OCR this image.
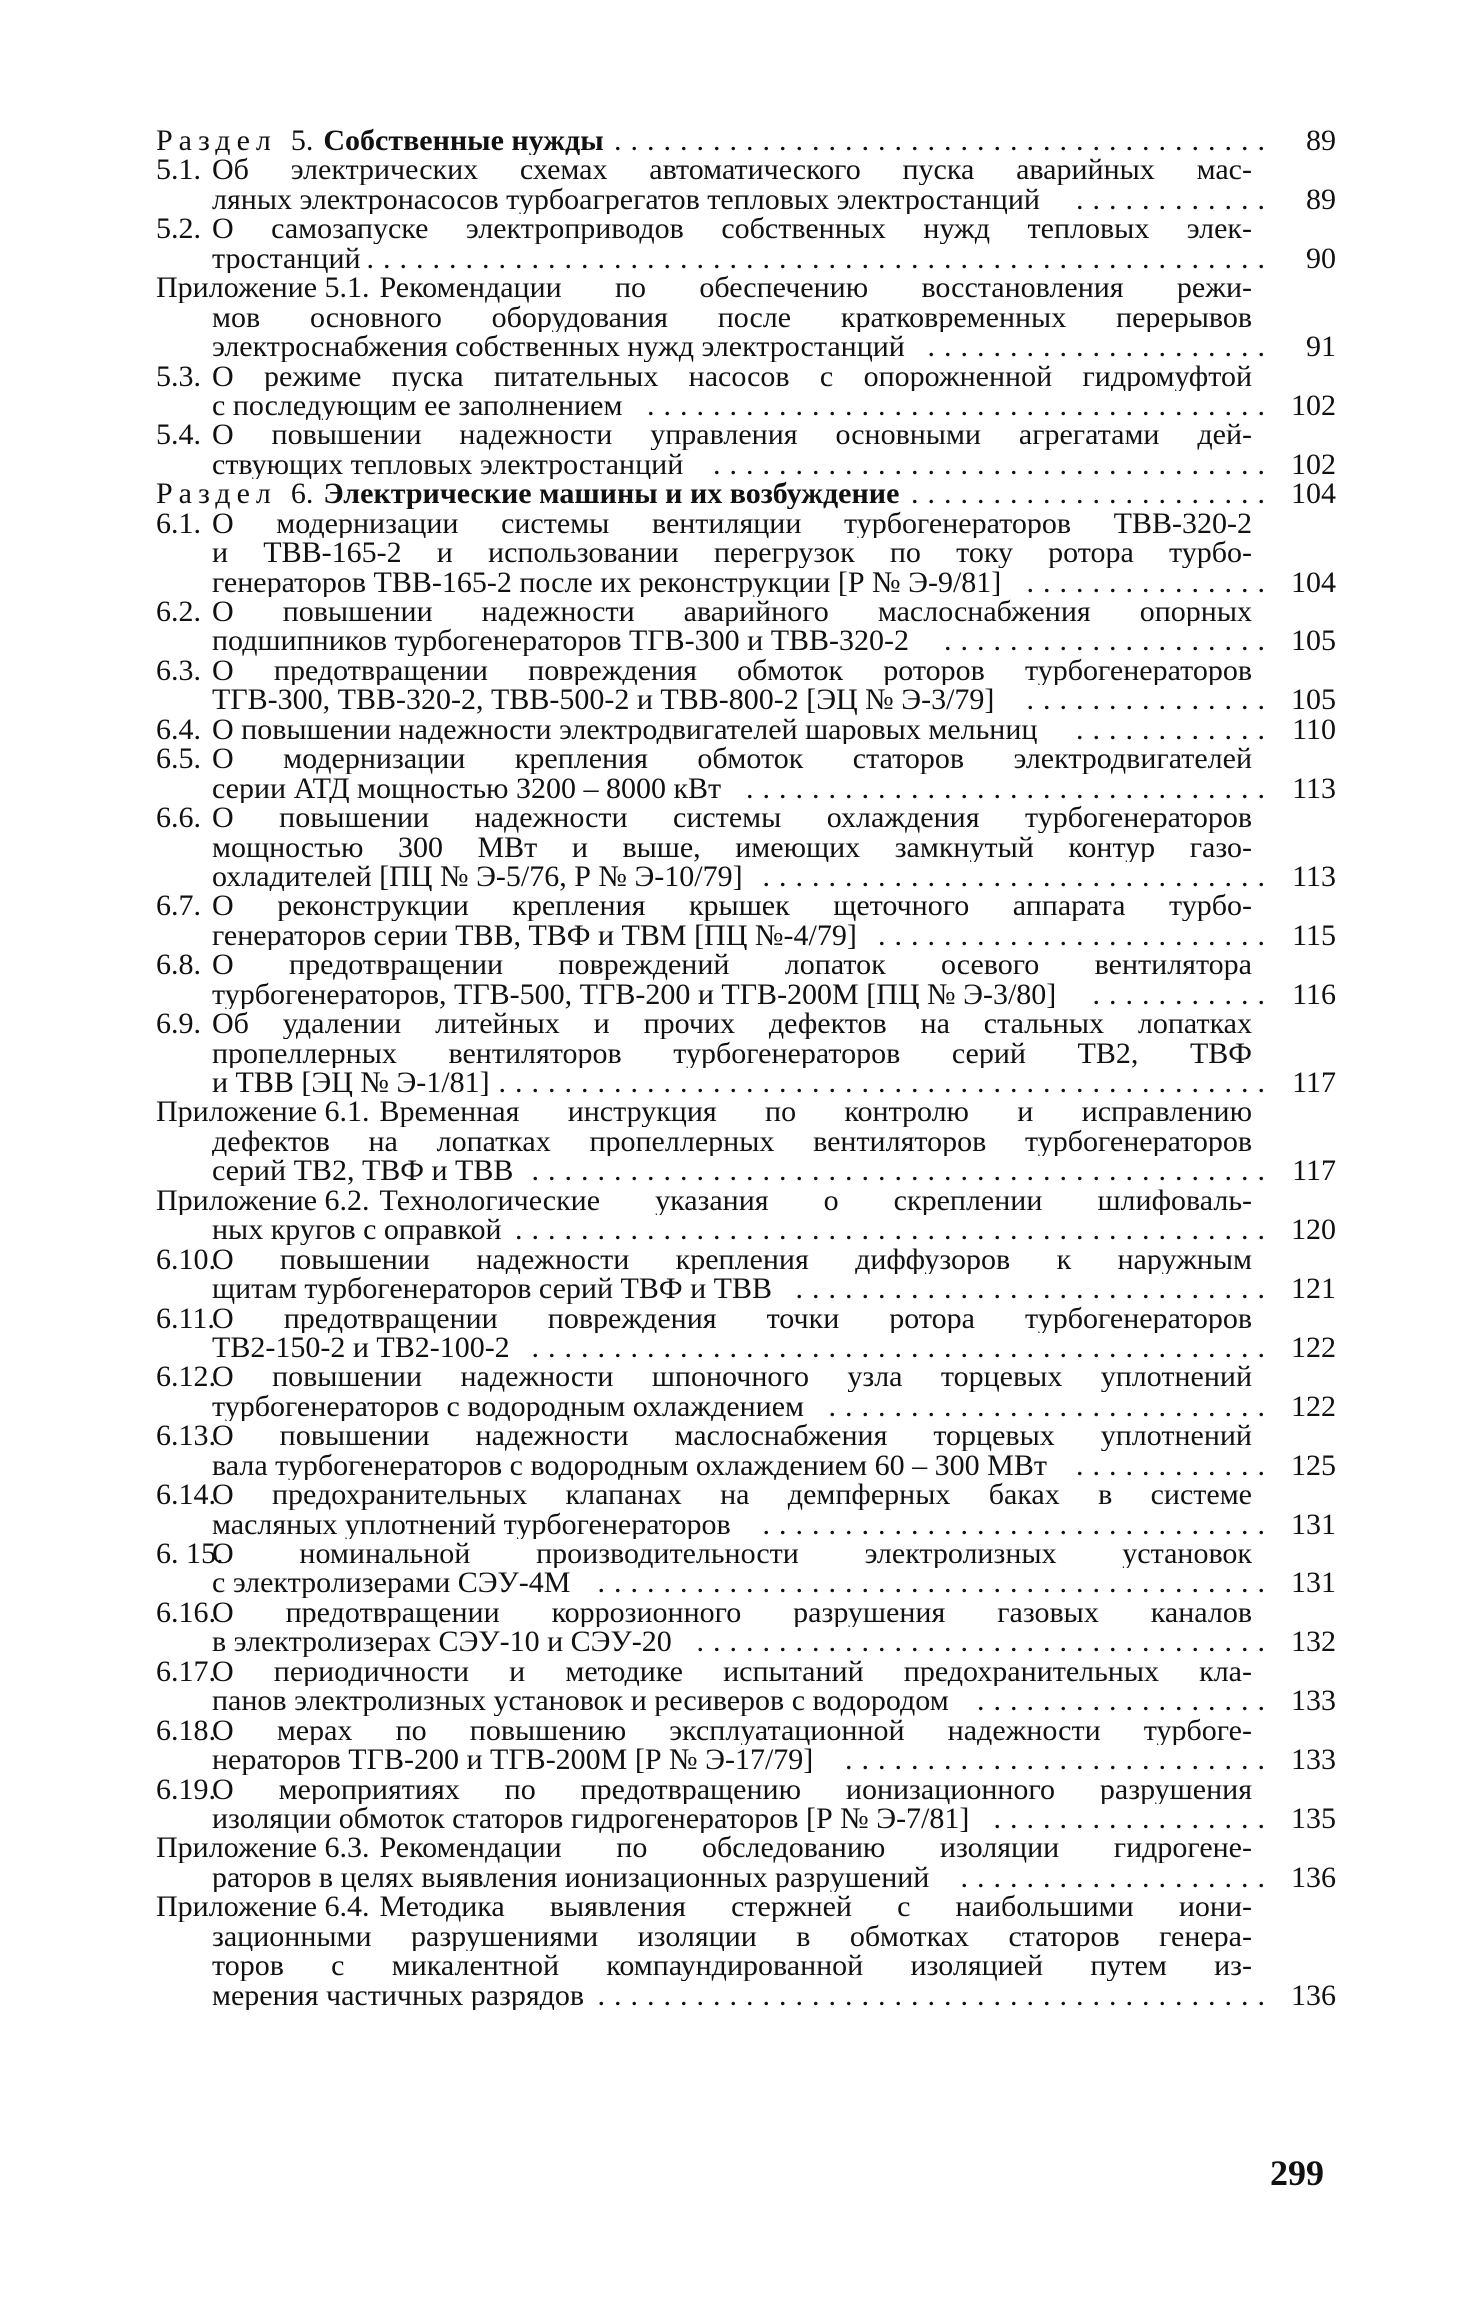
Раздел 5. Собственные нужды ........................................	89
5.1. Об электрических схемах автоматического пуска аварийных мас-
ляных электронасосов турбоагрегатов тепловых электростанций ............	89
5.2. О самозапуске электроприводов собственных нужд тепловых элек-
тростанций .......................................................	90
Приложение 5.1. Рекомендации по обеспечению восстановления режи-
мов основного оборудования после кратковременных перерывов
электроснабжения собственных нужд электростанций .....................	91
5.3. О режиме пуска питательных насосов с опорожненной гидромуфтой
с последующим ее заполнением ...................................... 102
5.4. О повышении надежности управления основными агрегатами дей-
ствующих тепловых электростанций .................................. 102
Раздел 6. Электрические машины и их возбуждение ...................... 104
6.1. О модернизации системы вентиляции турбогенераторов ТВВ-320-2
и ТВВ-165-2 и использовании перегрузок по току ротора турбо-
генераторов ТВВ-165-2 после их реконструкции [Р № Э-9/81] ............... 104
6.2. О повышении надежности аварийного маслоснабжения опорных
подшипников турбогенераторов ТГВ-300 и ТВВ-320-2 .................... 105
6.3. О предотвращении повреждения обмоток роторов турбогенераторов
ТГВ-300, ТВВ-320-2, ТВВ-500-2 и ТВВ-800-2 [ЭЦ № Э-3/79] ............... 105
6.4. О повышении надежности электродвигателей шаровых мельниц ............ 110
6.5. О модернизации крепления обмоток статоров электродвигателей
серии АТД мощностью 3200 – 8000 кВт ................................ 113
6.6. О повышении надежности системы охлаждения турбогенераторов
мощностью 300 МВт и выше, имеющих замкнутый контур газо-
охладителей [ПЦ № Э-5/76, Р № Э-10/79] ............................... 113
6.7. О реконструкции крепления крышек щеточного аппарата турбо-
генераторов серии ТВВ, ТВФ и ТВМ [ПЦ №-4/79] ........................ 115
6.8. О предотвращении повреждений лопаток осевого вентилятора
турбогенераторов, ТГВ-500, ТГВ-200 и ТГВ-200М [ПЦ № Э-3/80] ........... 116
6.9. Об удалении литейных и прочих дефектов на стальных лопатках
пропеллерных вентиляторов турбогенераторов серий ТВ2, ТВФ
и ТВВ [ЭЦ № Э-1/81] ............................................... 117
Приложение 6.1. Временная инструкция по контролю и исправлению
дефектов на лопатках пропеллерных вентиляторов турбогенераторов
серий ТВ2, ТВФ и ТВВ ............................................. 117
Приложение 6.2. Технологические указания о скреплении шлифоваль-
ных кругов с оправкой .............................................. 120
6.10.
О повышении надежности крепления диффузоров к наружным
щитам турбогенераторов серий ТВФ и ТВВ ............................. 121
6.11.
О предотвращении повреждения точки ротора турбогенераторов
ТВ2-150-2 и ТВ2-100-2 ............................................. 122
6.12.
О повышении надежности шпоночного узла торцевых уплотнений
турбогенераторов с водородным охлаждением ........................... 122
6.13.
О повышении надежности маслоснабжения торцевых уплотнений
вала турбогенераторов с водородным охлаждением 60 – 300 МВт ............ 125
6.14.
О предохранительных клапанах на демпферных баках в системе
масляных уплотнений турбогенераторов ............................... 131
6. 15.
О номинальной производительности электролизных установок
с электролизерами СЭУ-4М ......................................... 131
6.16.
О предотвращении коррозионного разрушения газовых каналов
в электролизерах СЭУ-10 и СЭУ-20 ................................... 132
6.17.
О периодичности и методике испытаний предохранительных кла-
панов электролизных установок и ресиверов с водородом .................. 133
6.18.
О мерах по повышению эксплуатационной надежности турбоге-
нераторов ТГВ-200 и ТГВ-200М [Р № Э-17/79] .......................... 133
6.19.
О мероприятиях по предотвращению ионизационного разрушения
изоляции обмоток статоров гидрогенераторов [Р № Э-7/81] ................. 135
Приложение 6.3. Рекомендации по обследованию изоляции гидрогене-
раторов в целях выявления ионизационных разрушений ................... 136
Приложение 6.4. Методика выявления стержней с наибольшими иони-
зационными разрушениями изоляции в обмотках статоров генера-
торов с микалентной компаундированной изоляцией путем из-
мерения частичных разрядов ......................................... 136
299
